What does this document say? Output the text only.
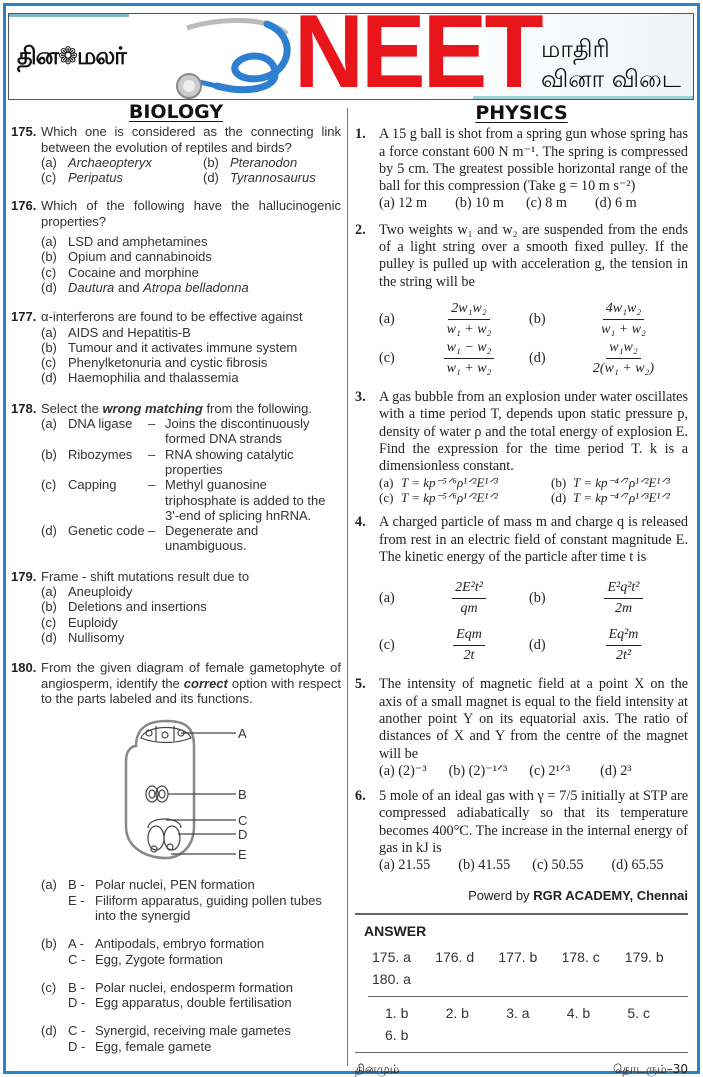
தின❁மலர் NEET மாதிரி
வினா விடை
BIOLOGY
175. Which one is considered as the connecting link between the evolution of reptiles and birds?
(a) Archaeopteryx	(b) Pteranodon
(c) Peripatus	(d) Tyrannosaurus
176. Which of the following have the hallucinogenic properties?
(a) LSD and amphetamines
(b) Opium and cannabinoids
(c) Cocaine and morphine
(d) Dautura and Atropa belladonna
177. α-interferons are found to be effective against
(a) AIDS and Hepatitis-B
(b) Tumour and it activates immune system
(c) Phenylketonuria and cystic fibrosis
(d) Haemophilia and thalassemia
178. Select the wrong matching from the following.
(a) DNA ligase	– Joins the discontinuously formed DNA strands
(b) Ribozymes	– RNA showing catalytic properties
(c) Capping	– Methyl guanosine triphosphate is added to the 3'-end of splicing hnRNA.
(d) Genetic code – Degenerate and unambiguous.
179. Frame - shift mutations result due to
(a) Aneuploidy
(b) Deletions and insertions
(c) Euploidy
(d) Nullisomy
180. From the given diagram of female gametophyte of angiosperm, identify the correct option with respect to the parts labeled and its functions.
A
B
C
D
E
(a) B - Polar nuclei, PEN formation
E - Filiform apparatus, guiding pollen tubes into the synergid
(b) A - Antipodals, embryo formation
C - Egg, Zygote formation
(c) B - Polar nuclei, endosperm formation
D - Egg apparatus, double fertilisation
(d) C - Synergid, receiving male gametes
D - Egg, female gamete
PHYSICS
1. A 15 g ball is shot from a spring gun whose spring has a force constant 600 N m⁻¹. The spring is compressed by 5 cm. The greatest possible horizontal range of the ball for this compression (Take g = 10 m s⁻²)
(a) 12 m (b) 10 m (c) 8 m (d) 6 m
2. Two weights w₁ and w₂ are suspended from the ends of a light string over a smooth fixed pulley. If the pulley is pulled up with acceleration g, the tension in the string will be
(a)	$\frac{\text{2w₁w₂}}{\text{w₁ + w₂}} (b) \frac{\text{4w₁w₂}}{\text{w₁ + w₂}}$
(c)	$\frac{\text{w₁ − w₂}}{\text{w₁ + w₂}} (d) \frac{\text{w₁w₂}}{\text{2(w₁ + w₂)}}$
3. A gas bubble from an explosion under water oscillates with a time period T, depends upon static pressure p, density of water ρ and the total energy of explosion E. Find the expression for the time period T. k is a dimensionless constant.
(a) T = kp⁻⁵ᐟ⁶ρ¹ᐟ²E¹ᐟ³	(b) T = kp⁻⁴ᐟ⁷ρ¹ᐟ²E¹ᐟ³
(c) T = kp⁻⁵ᐟ⁶ρ¹ᐟ²E¹ᐟ²	(d) T = kp⁻⁴ᐟ⁷ρ¹ᐟ³E¹ᐟ²
4. A charged particle of mass m and charge q is released from rest in an electric field of constant magnitude E. The kinetic energy of the particle after time t is
(a)	$\frac{\text{2E²t²}}{qm} (b) \frac{\text{E²q²t²}}{2m}$
(c)	$\frac{\text{Eqm}}{2t} (d) \frac{\text{Eq²m}}{\text{2t²}}$
5. The intensity of magnetic field at a point X on the axis of a small magnet is equal to the field intensity at another point Y on its equatorial axis. The ratio of distances of X and Y from the centre of the magnet will be
(a) (2)⁻³ (b) (2)⁻¹ᐟ³ (c) 2¹ᐟ³ (d) 2³
6. 5 mole of an ideal gas with γ = 7/5 initially at STP are compressed adiabatically so that its temperature becomes 400°C. The increase in the internal energy of gas in kJ is
(a) 21.55 (b) 41.55 (c) 50.55 (d) 65.55
Powerd by RGR ACADEMY, Chennai
ANSWER
175. a	176. d	177. b	178. c	179. b
180. a
1. b	2. b	3. a	4. b	5. c
6. b
தினமும்	தொடரும்–30
